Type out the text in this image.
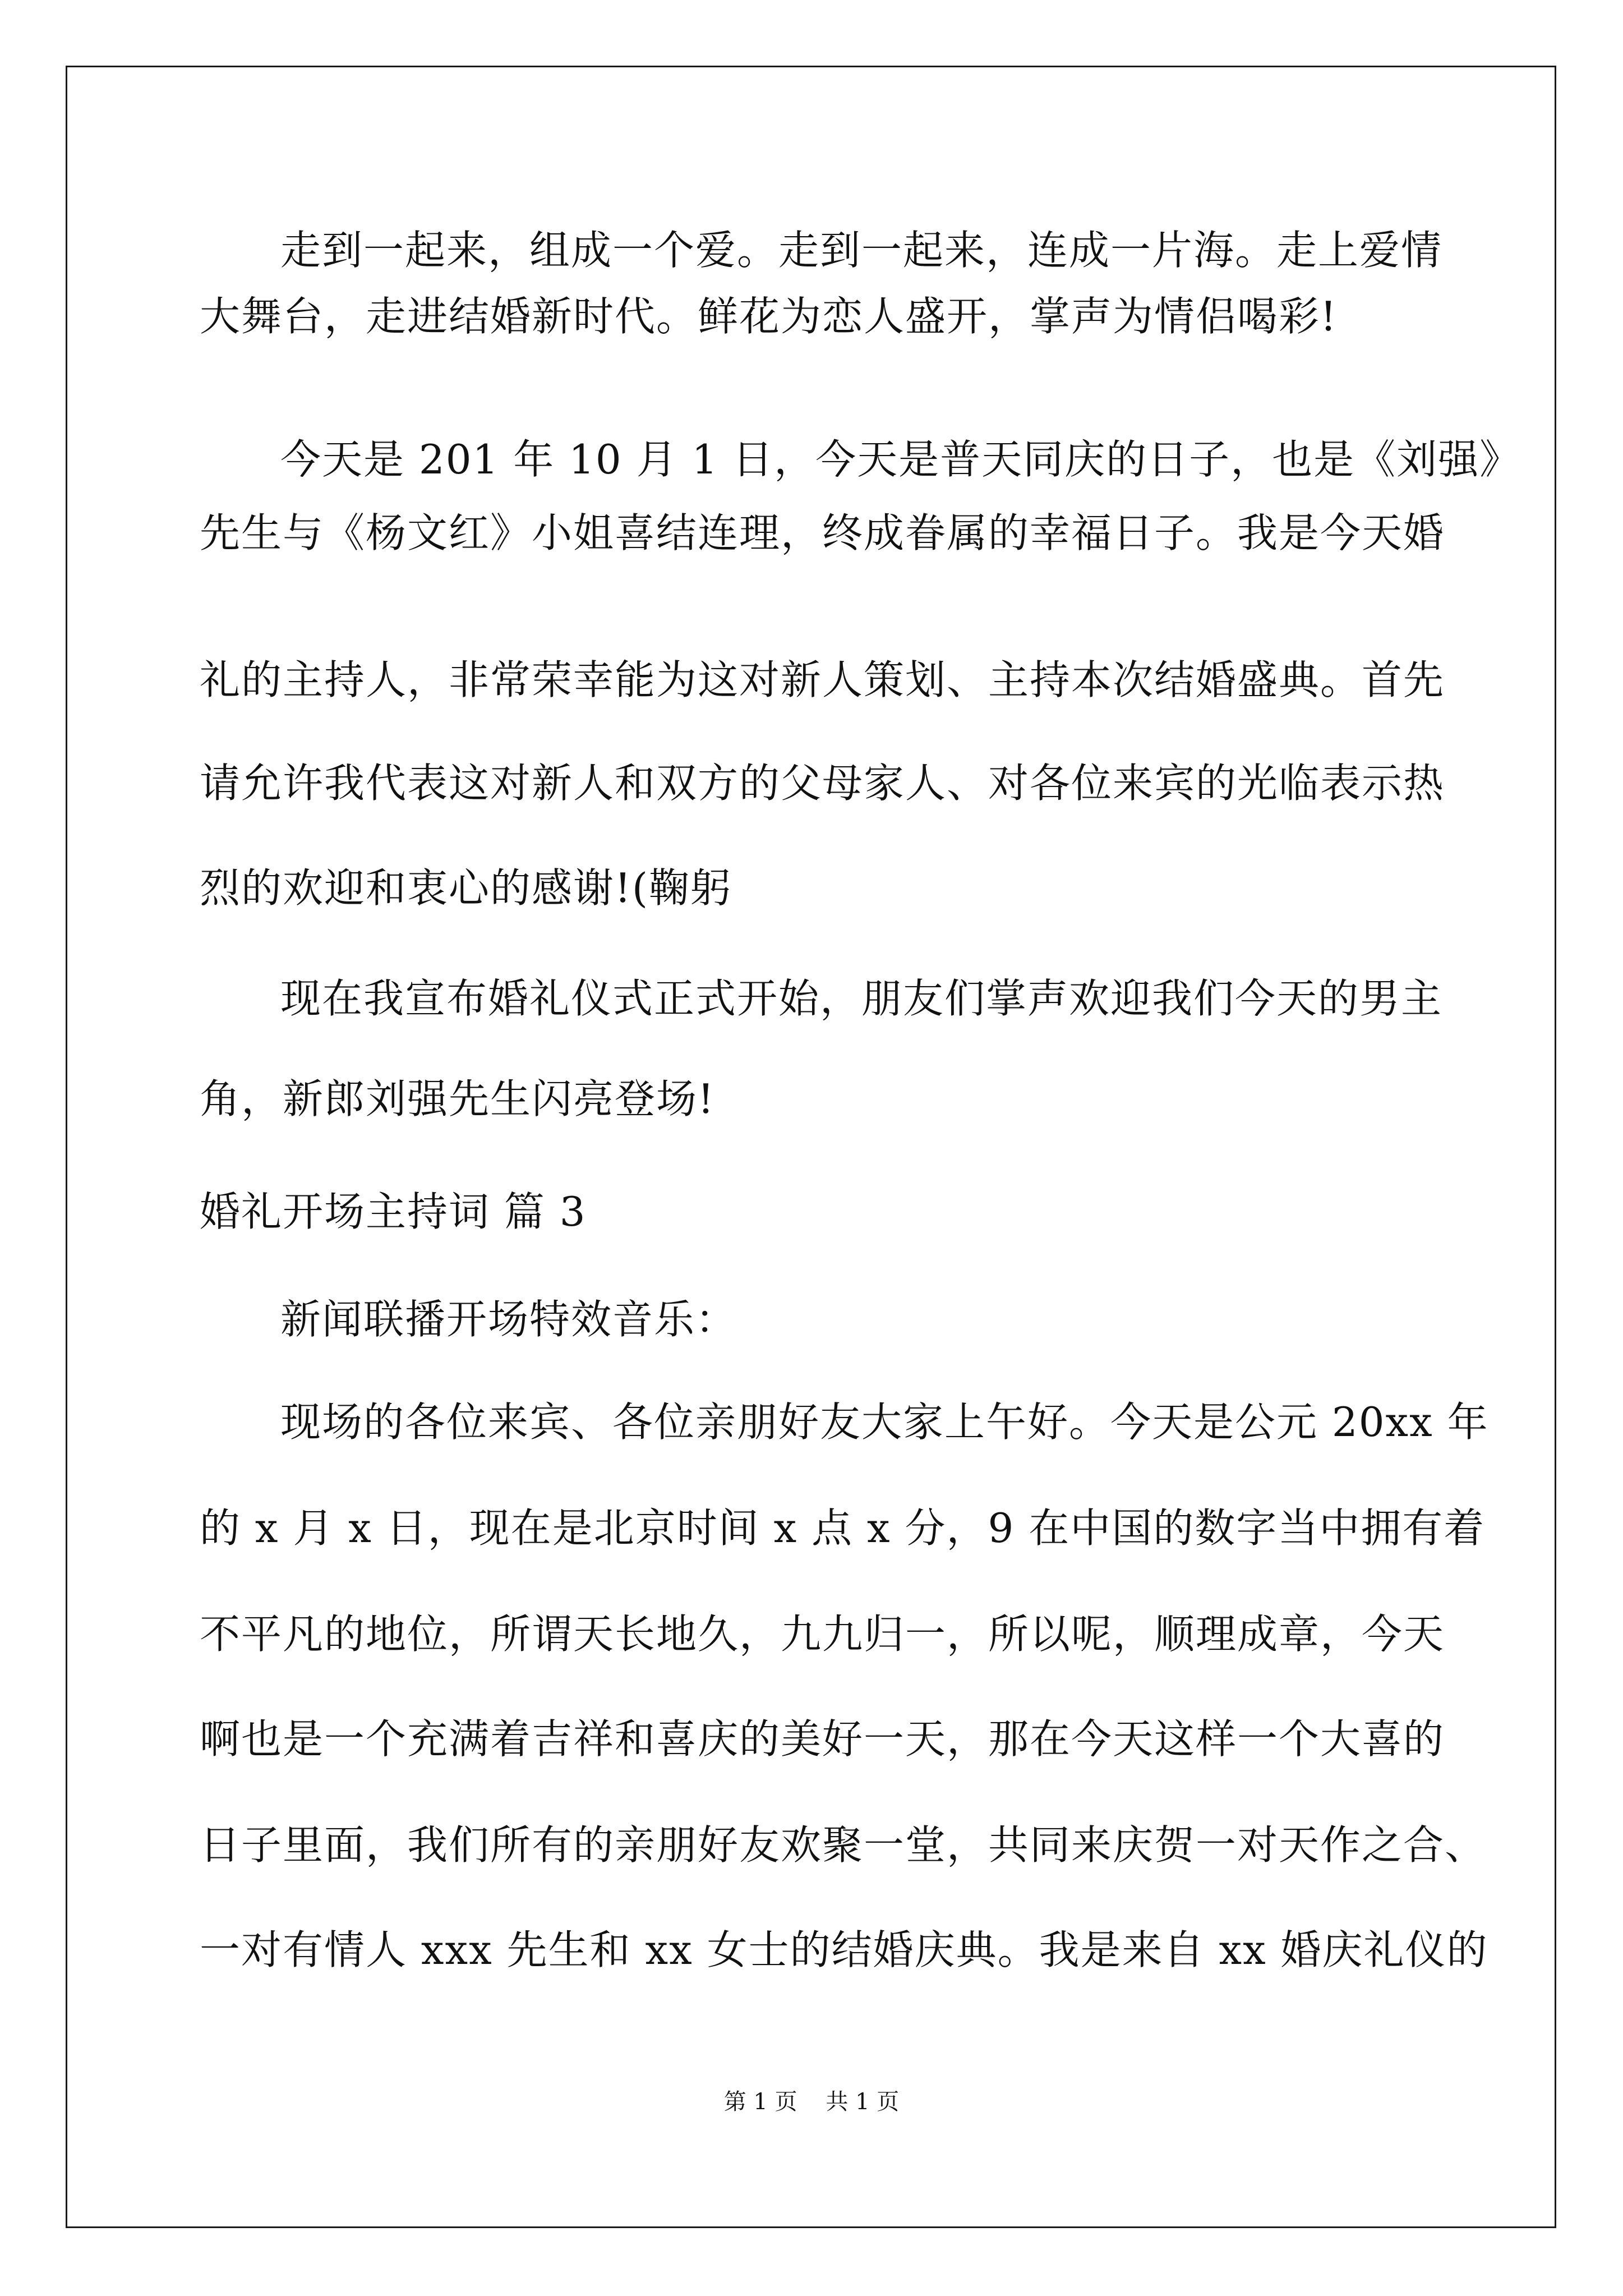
走到一起来，组成一个爱。走到一起来，连成一片海。走上爱情
大舞台，走进结婚新时代。鲜花为恋人盛开，掌声为情侣喝彩!
今天是 201 年 10 月 1 日，今天是普天同庆的日子，也是《刘强》
先生与《杨文红》小姐喜结连理，终成眷属的幸福日子。我是今天婚
礼的主持人，非常荣幸能为这对新人策划、主持本次结婚盛典。首先
请允许我代表这对新人和双方的父母家人、对各位来宾的光临表示热
烈的欢迎和衷心的感谢!(鞠躬
现在我宣布婚礼仪式正式开始，朋友们掌声欢迎我们今天的男主
角，新郎刘强先生闪亮登场!
婚礼开场主持词 篇 3
新闻联播开场特效音乐：
现场的各位来宾、各位亲朋好友大家上午好。今天是公元 20xx 年
的 x 月 x 日，现在是北京时间 x 点 x 分，9 在中国的数字当中拥有着
不平凡的地位，所谓天长地久，九九归一，所以呢，顺理成章，今天
啊也是一个充满着吉祥和喜庆的美好一天，那在今天这样一个大喜的
日子里面，我们所有的亲朋好友欢聚一堂，共同来庆贺一对天作之合、
一对有情人 xxx 先生和 xx 女士的结婚庆典。我是来自 xx 婚庆礼仪的
第 1 页    共 1 页
